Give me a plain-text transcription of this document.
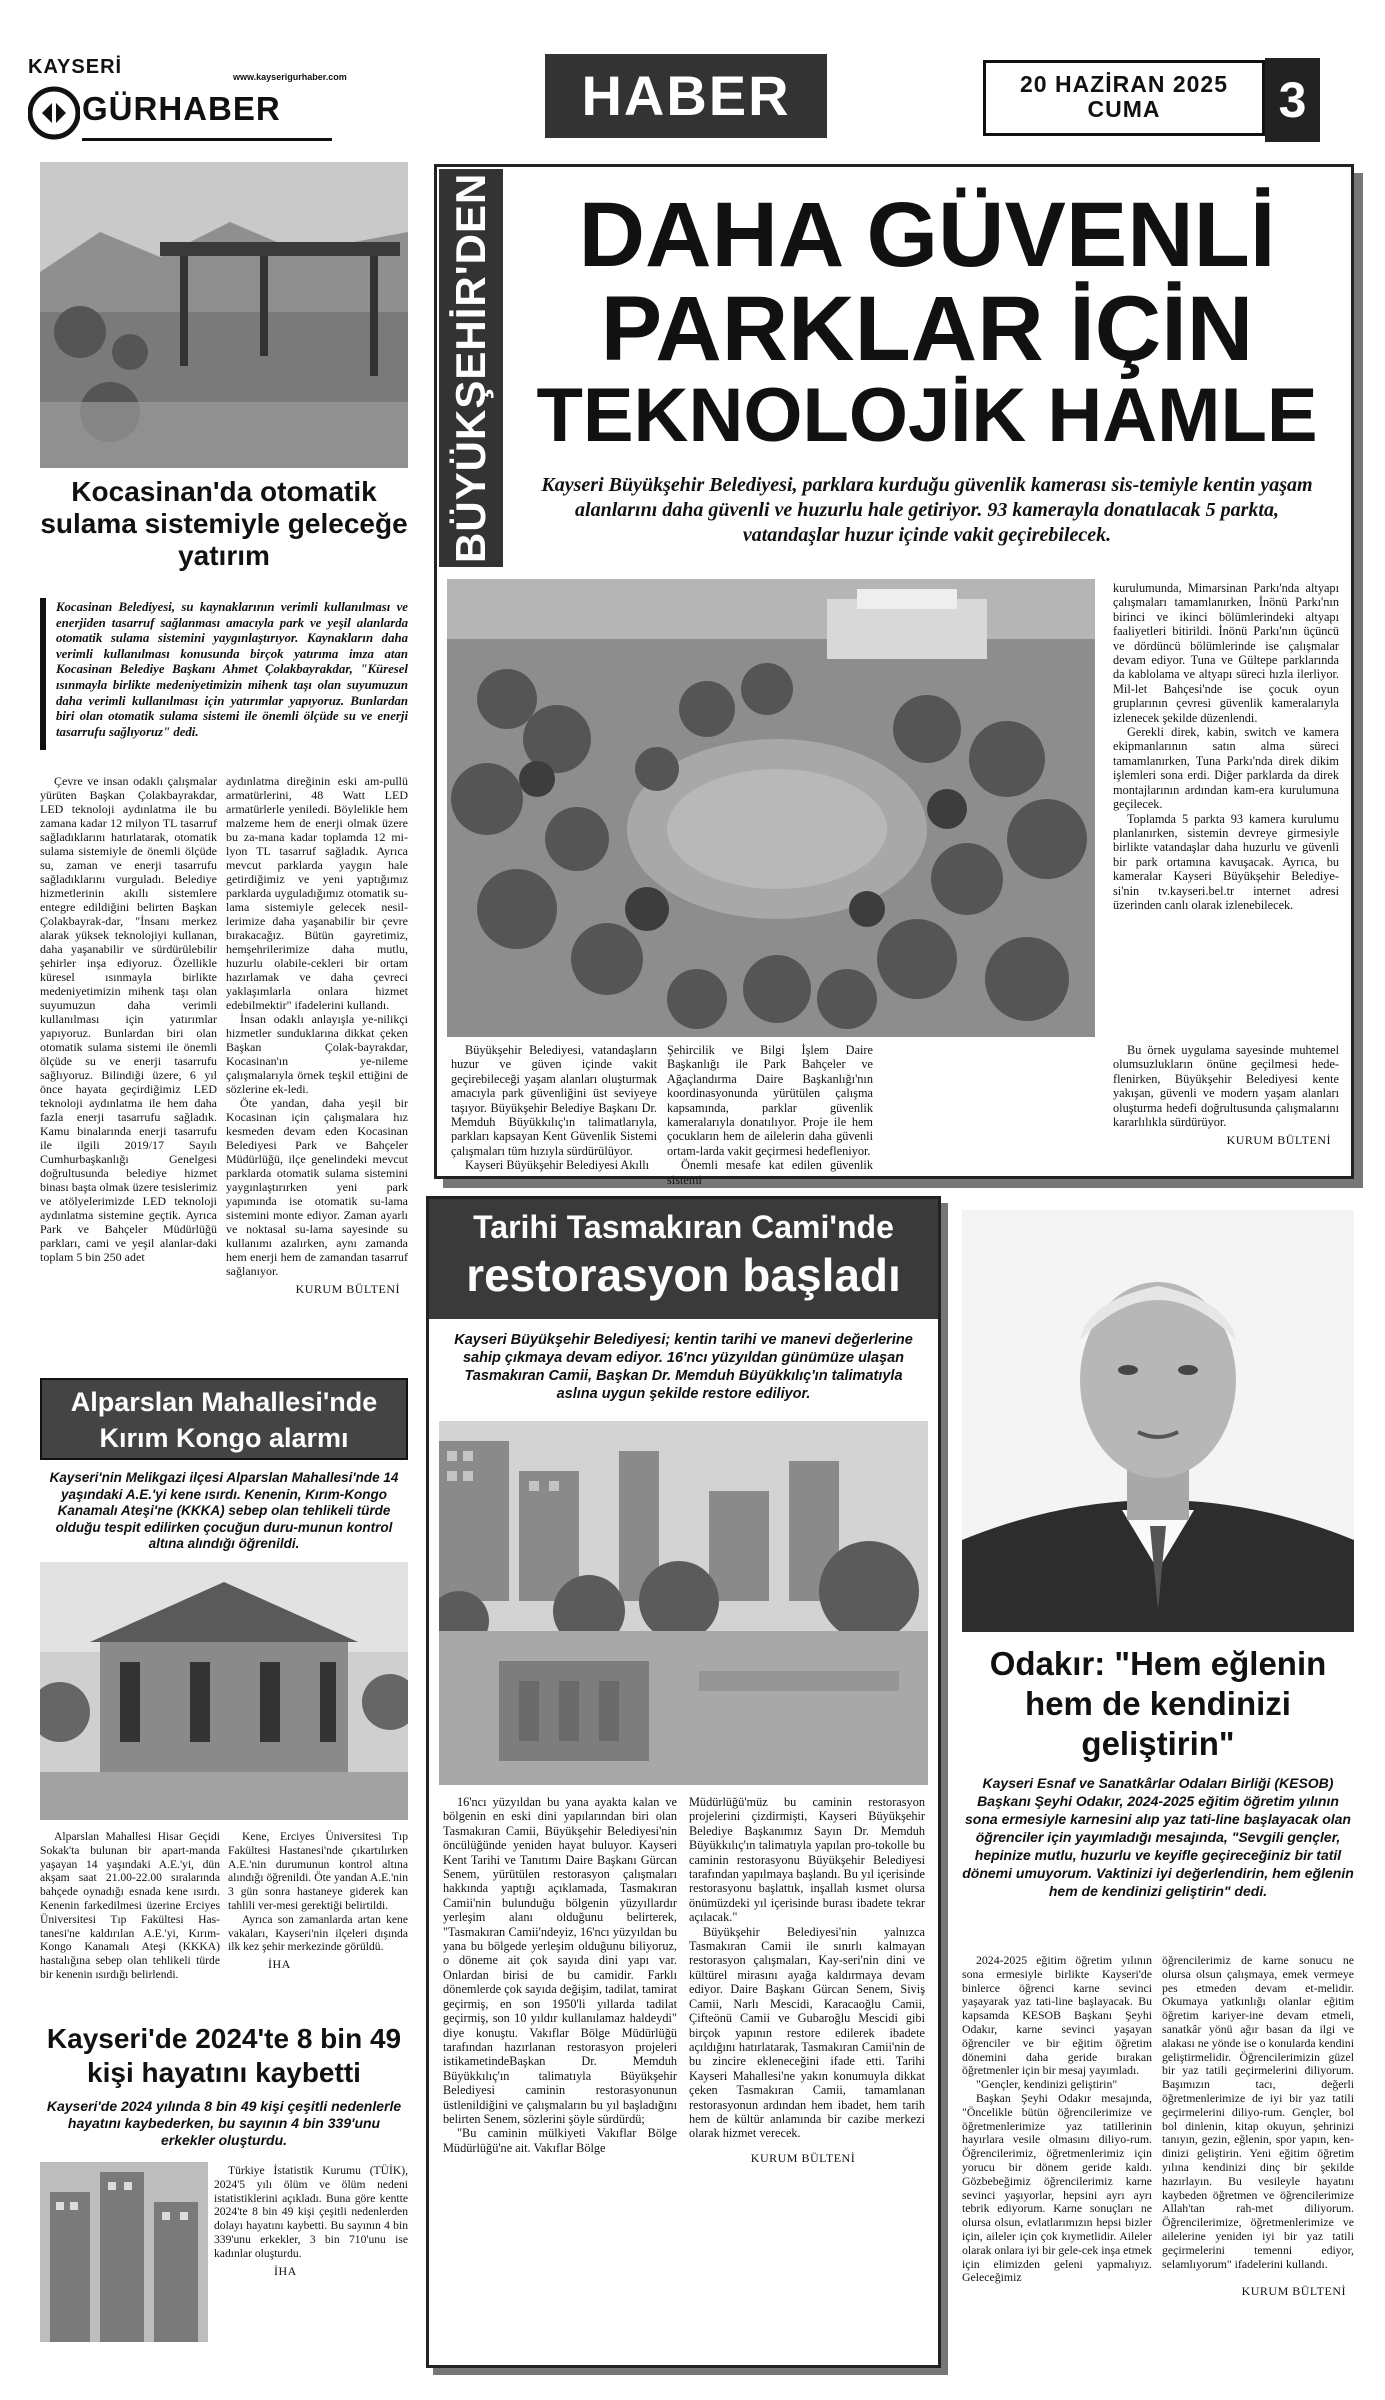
KAYSERİ	www.kayserigurhaber.com
GÜRHABER	HABER	20 HAZİRAN 2025
CUMA	3
BÜYÜKŞEHİR'DEN DAHA GÜVENLİ
PARKLAR İÇİN
TEKNOLOJİK HAMLE
Kayseri Büyükşehir Belediyesi, parklara kurduğu güvenlik kamerası sis-temiyle kentin yaşam alanlarını daha güvenli ve huzurlu hale getiriyor. 93 kamerayla donatılacak 5 parkta, vatandaşlar huzur içinde vakit geçirebilecek.

Büyükşehir Belediyesi, vatandaşların huzur ve güven içinde vakit geçirebileceği yaşam alanları oluşturmak amacıyla park güvenliğini üst seviyeye taşıyor. Büyükşehir Belediye Başkanı Dr. Memduh Büyükkılıç'ın talimatlarıyla, parkları kapsayan Kent Güvenlik Sistemi çalışmaları tüm hızıyla sürdürülüyor.

Kayseri Büyükşehir Belediyesi Akıllı

Şehircilik ve Bilgi İşlem Daire Başkanlığı ile Park Bahçeler ve Ağaçlandırma Daire Başkanlığı'nın koordinasyonunda yürütülen çalışma kapsamında, parklar güvenlik kameralarıyla donatılıyor. Proje ile hem çocukların hem de ailelerin daha güvenli ortam-larda vakit geçirmesi hedefleniyor.

Önemli mesafe kat edilen güvenlik sistemi

kurulumunda, Mimarsinan Parkı'nda altyapı çalışmaları tamamlanırken, İnönü Parkı'nın birinci ve ikinci bölümlerindeki altyapı faaliyetleri bitirildi. İnönü Parkı'nın üçüncü ve dördüncü bölümlerinde ise çalışmalar devam ediyor. Tuna ve Gültepe parklarında da kablolama ve altyapı süreci hızla ilerliyor. Mil-let Bahçesi'nde ise çocuk oyun gruplarının çevresi güvenlik kameralarıyla izlenecek şekilde düzenlendi.

Gerekli direk, kabin, switch ve kamera ekipmanlarının satın alma süreci tamamlanırken, Tuna Parkı'nda direk dikim işlemleri sona erdi. Diğer parklarda da direk montajlarının ardından kam-era kurulumuna geçilecek.

Toplamda 5 parkta 93 kamera kurulumu planlanırken, sistemin devreye girmesiyle birlikte vatandaşlar daha huzurlu ve güvenli bir park ortamına kavuşacak. Ayrıca, bu kameralar Kayseri Büyükşehir Belediye-si'nin tv.kayseri.bel.tr internet adresi üzerinden canlı olarak izlenebilecek.

Bu örnek uygulama sayesinde muhtemel olumsuzlukların önüne geçilmesi hede-flenirken, Büyükşehir Belediyesi kente yakışan, güvenli ve modern yaşam alanları oluşturma hedefi doğrultusunda çalışmalarını kararlılıkla sürdürüyor.

KURUM BÜLTENİ
Kocasinan'da otomatik sulama sistemiyle geleceğe yatırım
Kocasinan Belediyesi, su kaynaklarının verimli kullanılması ve enerjiden tasarruf sağlanması amacıyla park ve yeşil alanlarda otomatik sulama sistemini yaygınlaştırıyor. Kaynakların daha verimli kullanılması konusunda birçok yatırıma imza atan Kocasinan Belediye Başkanı Ahmet Çolakbayrakdar, "Küresel ısınmayla birlikte medeniyetimizin mihenk taşı olan suyumuzun daha verimli kullanılması için yatırımlar yapıyoruz. Bunlardan biri olan otomatik sulama sistemi ile önemli ölçüde su ve enerji tasarrufu sağlıyoruz" dedi.

Çevre ve insan odaklı çalışmalar yürüten Başkan Çolakbayrakdar, LED teknoloji aydınlatma ile bu zamana kadar 12 milyon TL tasarruf sağladıklarını hatırlatarak, otomatik sulama sistemiyle de önemli ölçüde su, zaman ve enerji tasarrufu sağladıklarını vurguladı. Belediye hizmetlerinin akıllı sistemlere entegre edildiğini belirten Başkan Çolakbayrak-dar, "İnsanı merkez alarak yüksek teknolojiyi kullanan, daha yaşanabilir ve sürdürülebilir şehirler inşa ediyoruz. Özellikle küresel ısınmayla birlikte medeniyetimizin mihenk taşı olan suyumuzun daha verimli kullanılması için yatırımlar yapıyoruz. Bunlardan biri olan otomatik sulama sistemi ile önemli ölçüde su ve enerji tasarrufu sağlıyoruz. Bilindiği üzere, 6 yıl önce hayata geçirdiğimiz LED teknoloji aydınlatma ile hem daha fazla enerji tasarrufu sağladık. Kamu binalarında enerji tasarrufu ile ilgili 2019/17 Sayılı Cumhurbaşkanlığı Genelgesi doğrultusunda belediye hizmet binası başta olmak üzere tesislerimiz ve atölyelerimizde LED teknoloji aydınlatma sistemine geçtik. Ayrıca Park ve Bahçeler Müdürlüğü parkları, cami ve yeşil alanlar-daki toplam 5 bin 250 adet

aydınlatma direğinin eski am-pullü armatürlerini, 48 Watt LED armatürlerle yeniledi. Böylelikle hem malzeme hem de enerji olmak üzere bu za-mana kadar toplamda 12 mi-lyon TL tasarruf sağladık. Ayrıca mevcut parklarda yaygın hale getirdiğimiz ve yeni yaptığımız parklarda uyguladığımız otomatik su-lama sistemiyle gelecek nesil-lerimize daha yaşanabilir bir çevre bırakacağız. Bütün gayretimiz, hemşehrilerimize daha mutlu, huzurlu olabile-cekleri bir ortam hazırlamak ve daha çevreci yaklaşımlarla onlara hizmet edebilmektir" ifadelerini kullandı.

İnsan odaklı anlayışla ye-nilikçi hizmetler sunduklarına dikkat çeken Başkan Çolak-bayrakdar, Kocasinan'ın ye-nileme çalışmalarıyla örnek teşkil ettiğini de sözlerine ek-ledi.

Öte yandan, daha yeşil bir Kocasinan için çalışmalara hız kesmeden devam eden Kocasinan Belediyesi Park ve Bahçeler Müdürlüğü, ilçe genelindeki mevcut parklarda otomatik sulama sistemini yaygınlaştırırken yeni park yapımında ise otomatik su-lama sistemini monte ediyor. Zaman ayarlı ve noktasal su-lama sayesinde su kullanımı azalırken, aynı zamanda hem enerji hem de zamandan tasarruf sağlanıyor.

KURUM BÜLTENİ
Alparslan Mahallesi'nde
Kırım Kongo alarmı
Kayseri'nin Melikgazi ilçesi Alparslan Mahallesi'nde 14 yaşındaki A.E.'yi kene ısırdı. Kenenin, Kırım-Kongo Kanamalı Ateşi'ne (KKKA) sebep olan tehlikeli türde olduğu tespit edilirken çocuğun duru-munun kontrol altına alındığı öğrenildi.

Alparslan Mahallesi Hisar Geçidi Sokak'ta bulunan bir apart-manda yaşayan 14 yaşındaki A.E.'yi, dün akşam saat 21.00-22.00 sıralarında bahçede oynadığı esnada kene ısırdı. Kenenin farkedilmesi üzerine Erciyes Üniversitesi Tıp Fakültesi Has-tanesi'ne kaldırılan A.E.'yi, Kırım-Kongo Kanamalı Ateşi (KKKA) hastalığına sebep olan tehlikeli türde bir kenenin ısırdığı belirlendi.

Kene, Erciyes Üniversitesi Tıp Fakültesi Hastanesi'nde çıkartılırken A.E.'nin durumunun kontrol altına alındığı öğrenildi. Öte yandan A.E.'nin 3 gün sonra hastaneye giderek kan tahlili ver-mesi gerektiği belirtildi.

Ayrıca son zamanlarda artan kene vakaları, Kayseri'nin ilçeleri dışında ilk kez şehir merkezinde görüldü.

İHA
Kayseri'de 2024'te 8 bin 49 kişi hayatını kaybetti
Kayseri'de 2024 yılında 8 bin 49 kişi çeşitli nedenlerle hayatını kaybederken, bu sayının 4 bin 339'unu erkekler oluşturdu.

Türkiye İstatistik Kurumu (TÜİK), 2024'5 yılı ölüm ve ölüm nedeni istatistiklerini açıkladı. Buna göre kentte 2024'te 8 bin 49 kişi çeşitli nedenlerden dolayı hayatını kaybetti. Bu sayının 4 bin 339'unu erkekler, 3 bin 710'unu ise kadınlar oluşturdu.

İHA
Tarihi Tasmakıran Cami'nde
restorasyon başladı
Kayseri Büyükşehir Belediyesi; kentin tarihi ve manevi değerlerine sahip çıkmaya devam ediyor. 16'ncı yüzyıldan günümüze ulaşan Tasmakıran Camii, Başkan Dr. Memduh Büyükkılıç'ın talimatıyla aslına uygun şekilde restore ediliyor.

16'ncı yüzyıldan bu yana ayakta kalan ve bölgenin en eski dini yapılarından biri olan Tasmakıran Camii, Büyükşehir Belediyesi'nin öncülüğünde yeniden hayat buluyor. Kayseri Kent Tarihi ve Tanıtımı Daire Başkanı Gürcan Senem, yürütülen restorasyon çalışmaları hakkında yaptığı açıklamada, Tasmakıran Camii'nin bulunduğu bölgenin yüzyıllardır yerleşim alanı olduğunu belirterek, "Tasmakıran Camii'ndeyiz, 16'ncı yüzyıldan bu yana bu bölgede yerleşim olduğunu biliyoruz, o döneme ait çok sayıda dini yapı var. Onlardan birisi de bu camidir. Farklı dönemlerde çok sayıda değişim, tadilat, tamirat geçirmiş, en son 1950'li yıllarda tadilat geçirmiş, son 10 yıldır kullanılamaz haldeydi" diye konuştu. Vakıflar Bölge Müdürlüğü tarafından hazırlanan restorasyon projeleri istikametindeBaşkan Dr. Memduh Büyükkılıç'ın talimatıyla Büyükşehir Belediyesi caminin restorasyonunun üstlenildiğini ve çalışmaların bu yıl başladığını belirten Senem, sözlerini şöyle sürdürdü;

"Bu caminin mülkiyeti Vakıflar Bölge Müdürlüğü'ne ait. Vakıflar Bölge

Müdürlüğü'müz bu caminin restorasyon projelerini çizdirmişti, Kayseri Büyükşehir Belediye Başkanımız Sayın Dr. Memduh Büyükkılıç'ın talimatıyla yapılan pro-tokolle bu caminin restorasyonu Büyükşehir Belediyesi tarafından yapılmaya başlandı. Bu yıl içerisinde restorasyonu başlattık, inşallah kısmet olursa önümüzdeki yıl içerisinde burası ibadete tekrar açılacak."

Büyükşehir Belediyesi'nin yalnızca Tasmakıran Camii ile sınırlı kalmayan restorasyon çalışmaları, Kay-seri'nin dini ve kültürel mirasını ayağa kaldırmaya devam ediyor. Daire Başkanı Gürcan Senem, Siviş Camii, Narlı Mescidi, Karacaoğlu Camii, Çifteönü Camii ve Gubaroğlu Mescidi gibi birçok yapının restore edilerek ibadete açıldığını hatırlatarak, Tasmakıran Camii'nin de bu zincire ekleneceğini ifade etti. Tarihi Kayseri Mahallesi'ne yakın konumuyla dikkat çeken Tasmakıran Camii, tamamlanan restorasyonun ardından hem ibadet, hem tarih hem de kültür anlamında bir cazibe merkezi olarak hizmet verecek.

KURUM BÜLTENİ
Odakır: "Hem eğlenin
hem de kendinizi
geliştirin"
Kayseri Esnaf ve Sanatkârlar Odaları Birliği (KESOB) Başkanı Şeyhi Odakır, 2024-2025 eğitim öğretim yılının sona ermesiyle karnesini alıp yaz tati-line başlayacak olan öğrenciler için yayımladığı mesajında, "Sevgili gençler, hepinize mutlu, huzurlu ve keyifle geçireceğiniz bir tatil dönemi umuyorum. Vaktinizi iyi değerlendirin, hem eğlenin hem de kendinizi geliştirin" dedi.

2024-2025 eğitim öğretim yılının sona ermesiyle birlikte Kayseri'de binlerce öğrenci karne sevinci yaşayarak yaz tati-line başlayacak. Bu kapsamda KESOB Başkanı Şeyhi Odakır, karne sevinci yaşayan öğrenciler ve bir eğitim öğretim dönemini daha geride bırakan öğretmenler için bir mesaj yayımladı.

"Gençler, kendinizi geliştirin"

Başkan Şeyhi Odakır mesajında, "Öncelikle bütün öğrencilerimize ve öğretmenlerimize yaz tatillerinin hayırlara vesile olmasını diliyo-rum. Öğrencilerimiz, öğretmenlerimiz için yorucu bir dönem geride kaldı. Gözbebeğimiz öğrencilerimiz karne sevinci yaşıyorlar, hepsini ayrı ayrı tebrik ediyorum. Karne sonuçları ne olursa olsun, evlatlarımızın hepsi bizler için, aileler için çok kıymetlidir. Aileler olarak onlara iyi bir gele-cek inşa etmek için elimizden geleni yapmalıyız. Geleceğimiz

öğrencilerimiz de karne sonucu ne olursa olsun çalışmaya, emek vermeye pes etmeden devam et-melidir. Okumaya yatkınlığı olanlar eğitim öğretim kariyer-ine devam etmeli, sanatkâr yönü ağır basan da ilgi ve alakası ne yönde ise o konularda kendini geliştirmelidir. Öğrencilerimizin güzel bir yaz tatili geçirmelerini diliyorum. Başımızın tacı, değerli öğretmenlerimize de iyi bir yaz tatili geçirmelerini diliyo-rum. Gençler, bol bol dinlenin, kitap okuyun, şehrinizi tanıyın, gezin, eğlenin, spor yapın, ken-dinizi geliştirin. Yeni eğitim öğretim yılına kendinizi dinç bir şekilde hazırlayın. Bu vesileyle hayatını kaybeden öğretmen ve öğrencilerimize Allah'tan rah-met diliyorum. Öğrencilerimize, öğretmenlerimize ve ailelerine yeniden iyi bir yaz tatili geçirmelerini temenni ediyor, selamlıyorum" ifadelerini kullandı.

KURUM BÜLTENİ
